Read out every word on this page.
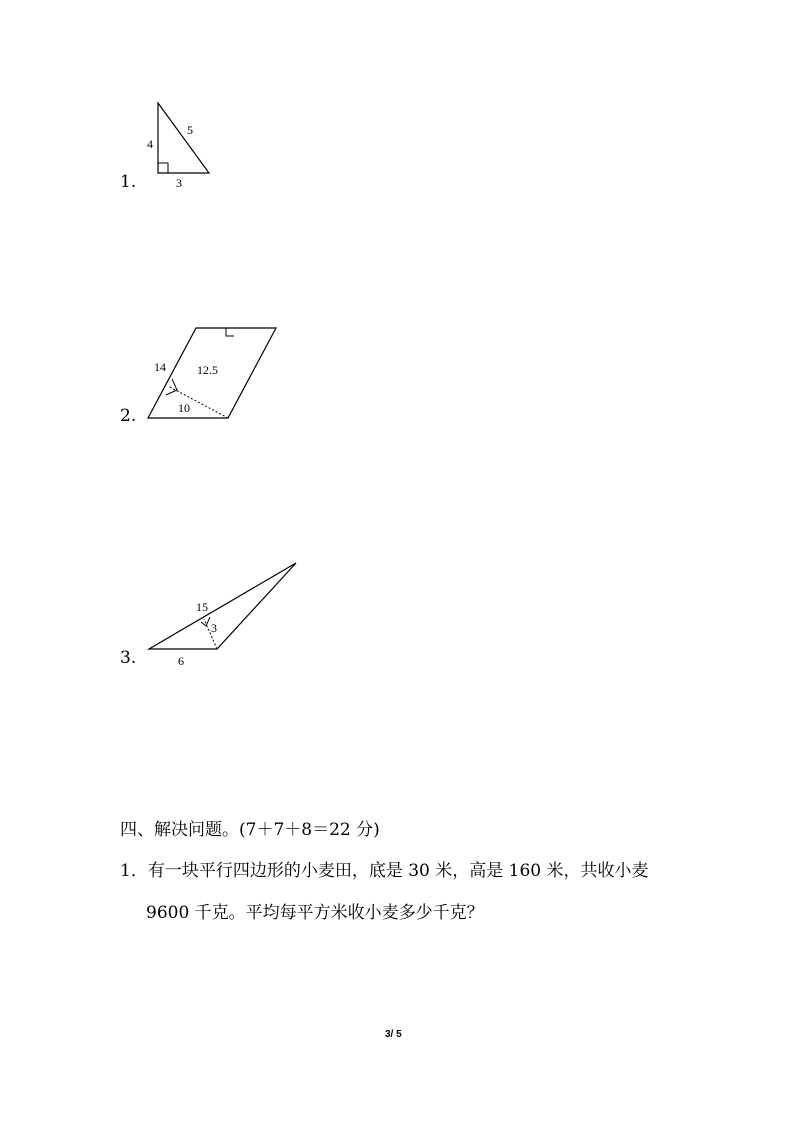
1.
4
5
3
2.
14	12.5
10
3.
15
3
6
四、解决问题。(7＋7＋8＝22 分)
1．有一块平行四边形的小麦田，底是 30 米，高是 160 米，共收小麦
9600 千克。平均每平方米收小麦多少千克？
3/ 5
